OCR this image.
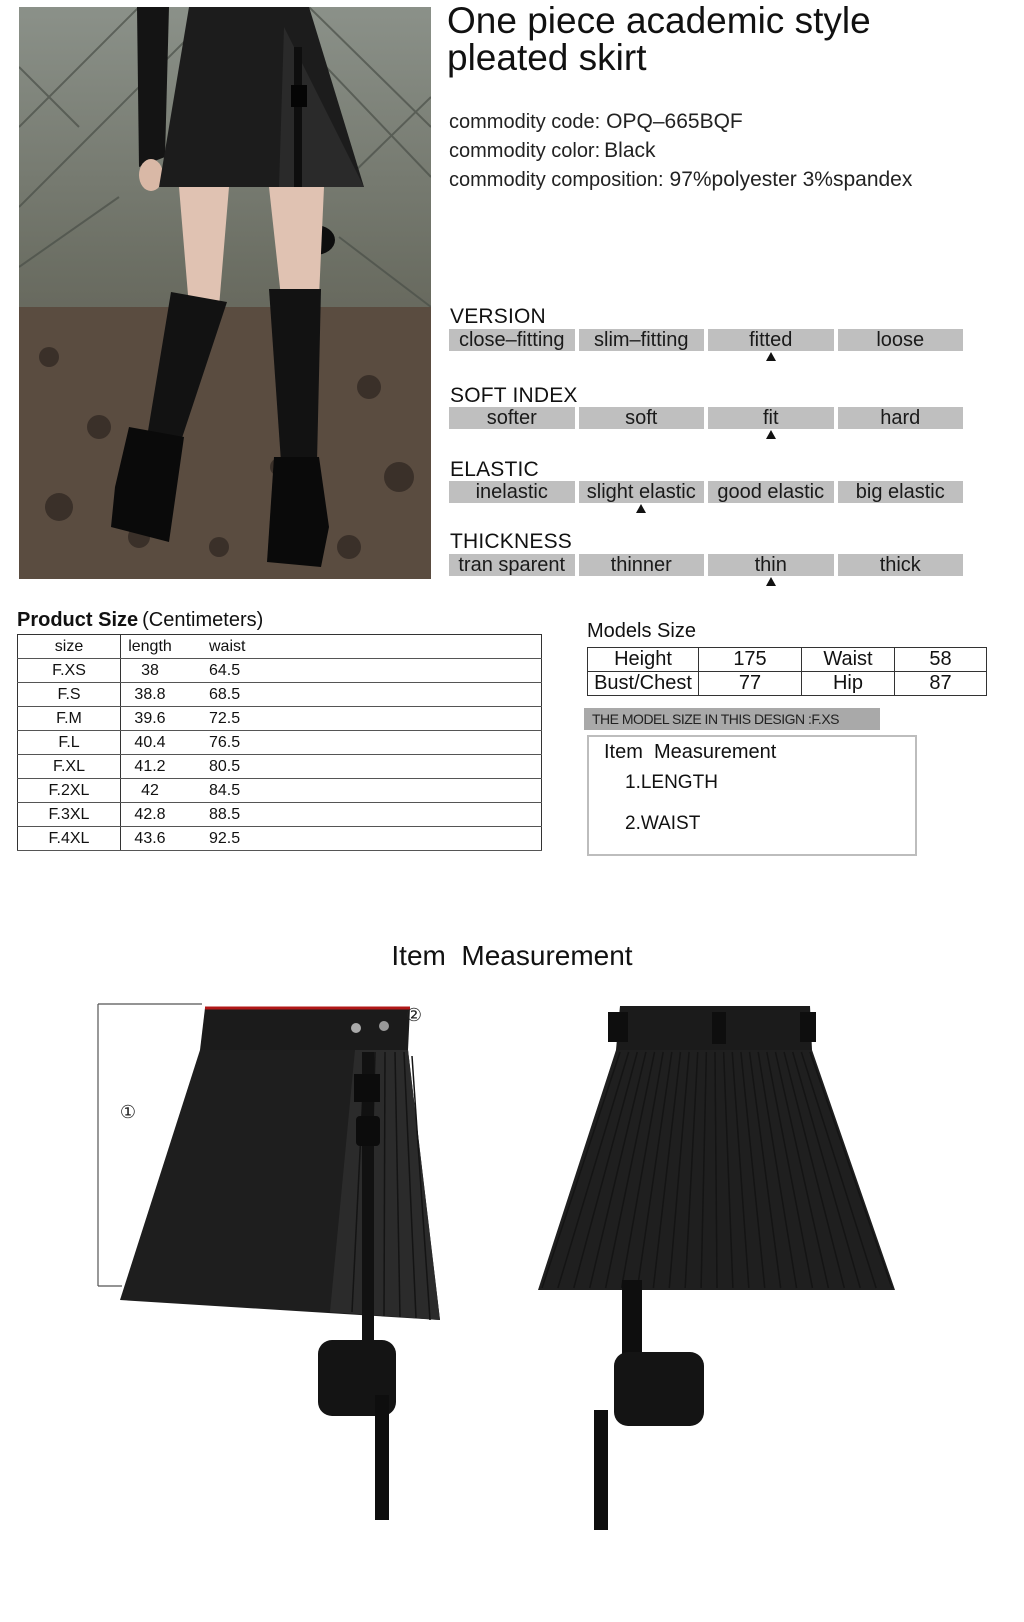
One piece academic style
pleated skirt
commodity code: OPQ–665BQF
commodity color: Black
commodity composition: 97%polyester 3%spandex
VERSION
close–fitting	slim–fitting	fitted	loose
SOFT INDEX
softer	soft	fit	hard
ELASTIC
inelastic	slight elastic	good elastic	big elastic
THICKNESS
tran sparent	thinner	thin	thick
Product Size (Centimeters)
size	length	waist	
F.XS	38	64.5	
F.S	38.8	68.5	
F.M	39.6	72.5	
F.L	40.4	76.5	
F.XL	41.2	80.5	
F.2XL	42	84.5	
F.3XL	42.8	88.5	
F.4XL	43.6	92.5	
Models Size
Height	175	Waist	58
Bust/Chest	77	Hip	87
THE MODEL SIZE IN THIS DESIGN :F.XS
Item  Measurement
1.LENGTH
2.WAIST
Item  Measurement
①
②
